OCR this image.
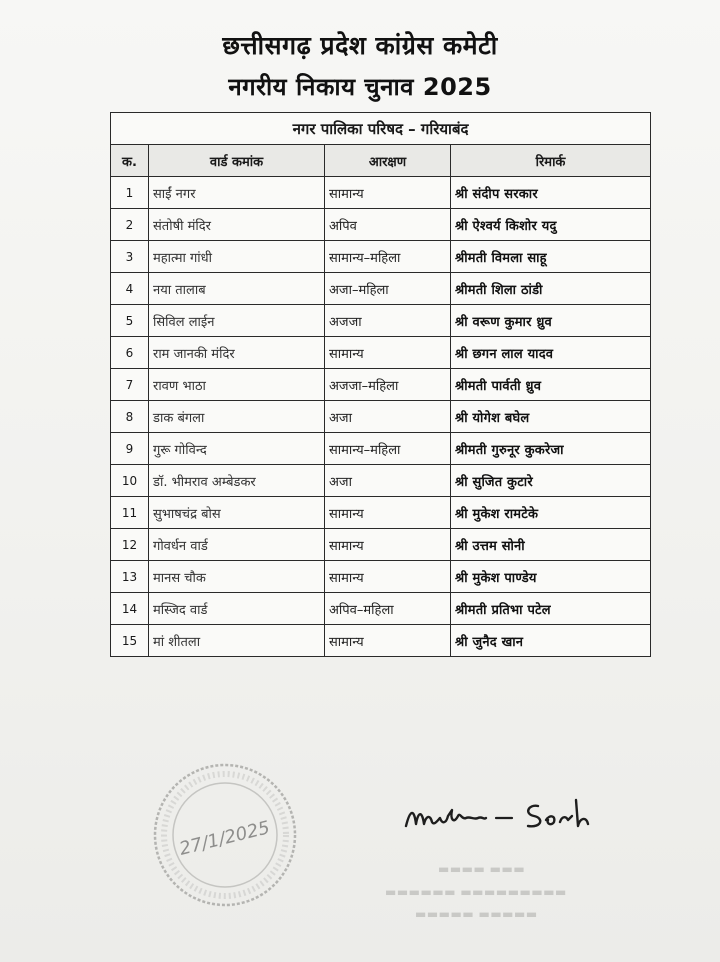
छत्तीसगढ़ प्रदेश कांग्रेस कमेटी
नगरीय निकाय चुनाव 2025
नगर पालिका परिषद – गरियाबंद			
क.	वार्ड कमांक	आरक्षण	रिमार्क
1	साईं नगर	सामान्य	श्री संदीप सरकार
2	संतोषी मंदिर	अपिव	श्री ऐश्वर्य किशोर यदु
3	महात्मा गांधी	सामान्य–महिला	श्रीमती विमला साहू
4	नया तालाब	अजा–महिला	श्रीमती शिला ठांडी
5	सिविल लाईन	अजजा	श्री वरूण कुमार ध्रुव
6	राम जानकी मंदिर	सामान्य	श्री छगन लाल यादव
7	रावण भाठा	अजजा–महिला	श्रीमती पार्वती ध्रुव
8	डाक बंगला	अजा	श्री योगेश बघेल
9	गुरू गोविन्द	सामान्य–महिला	श्रीमती गुरुनूर कुकरेजा
10	डॉ. भीमराव अम्बेडकर	अजा	श्री सुजित कुटारे
11	सुभाषचंद्र बोस	सामान्य	श्री मुकेश रामटेके
12	गोवर्धन वार्ड	सामान्य	श्री उत्तम सोनी
13	मानस चौक	सामान्य	श्री मुकेश पाण्डेय
14	मस्जिद वार्ड	अपिव–महिला	श्रीमती प्रतिभा पटेल
15	मां शीतला	सामान्य	श्री जुनैद खान
27/1/2025
▬▬▬▬ ▬▬▬
▬▬▬▬▬▬ ▬▬▬▬▬▬▬▬▬
▬▬▬▬▬ ▬▬▬▬▬
